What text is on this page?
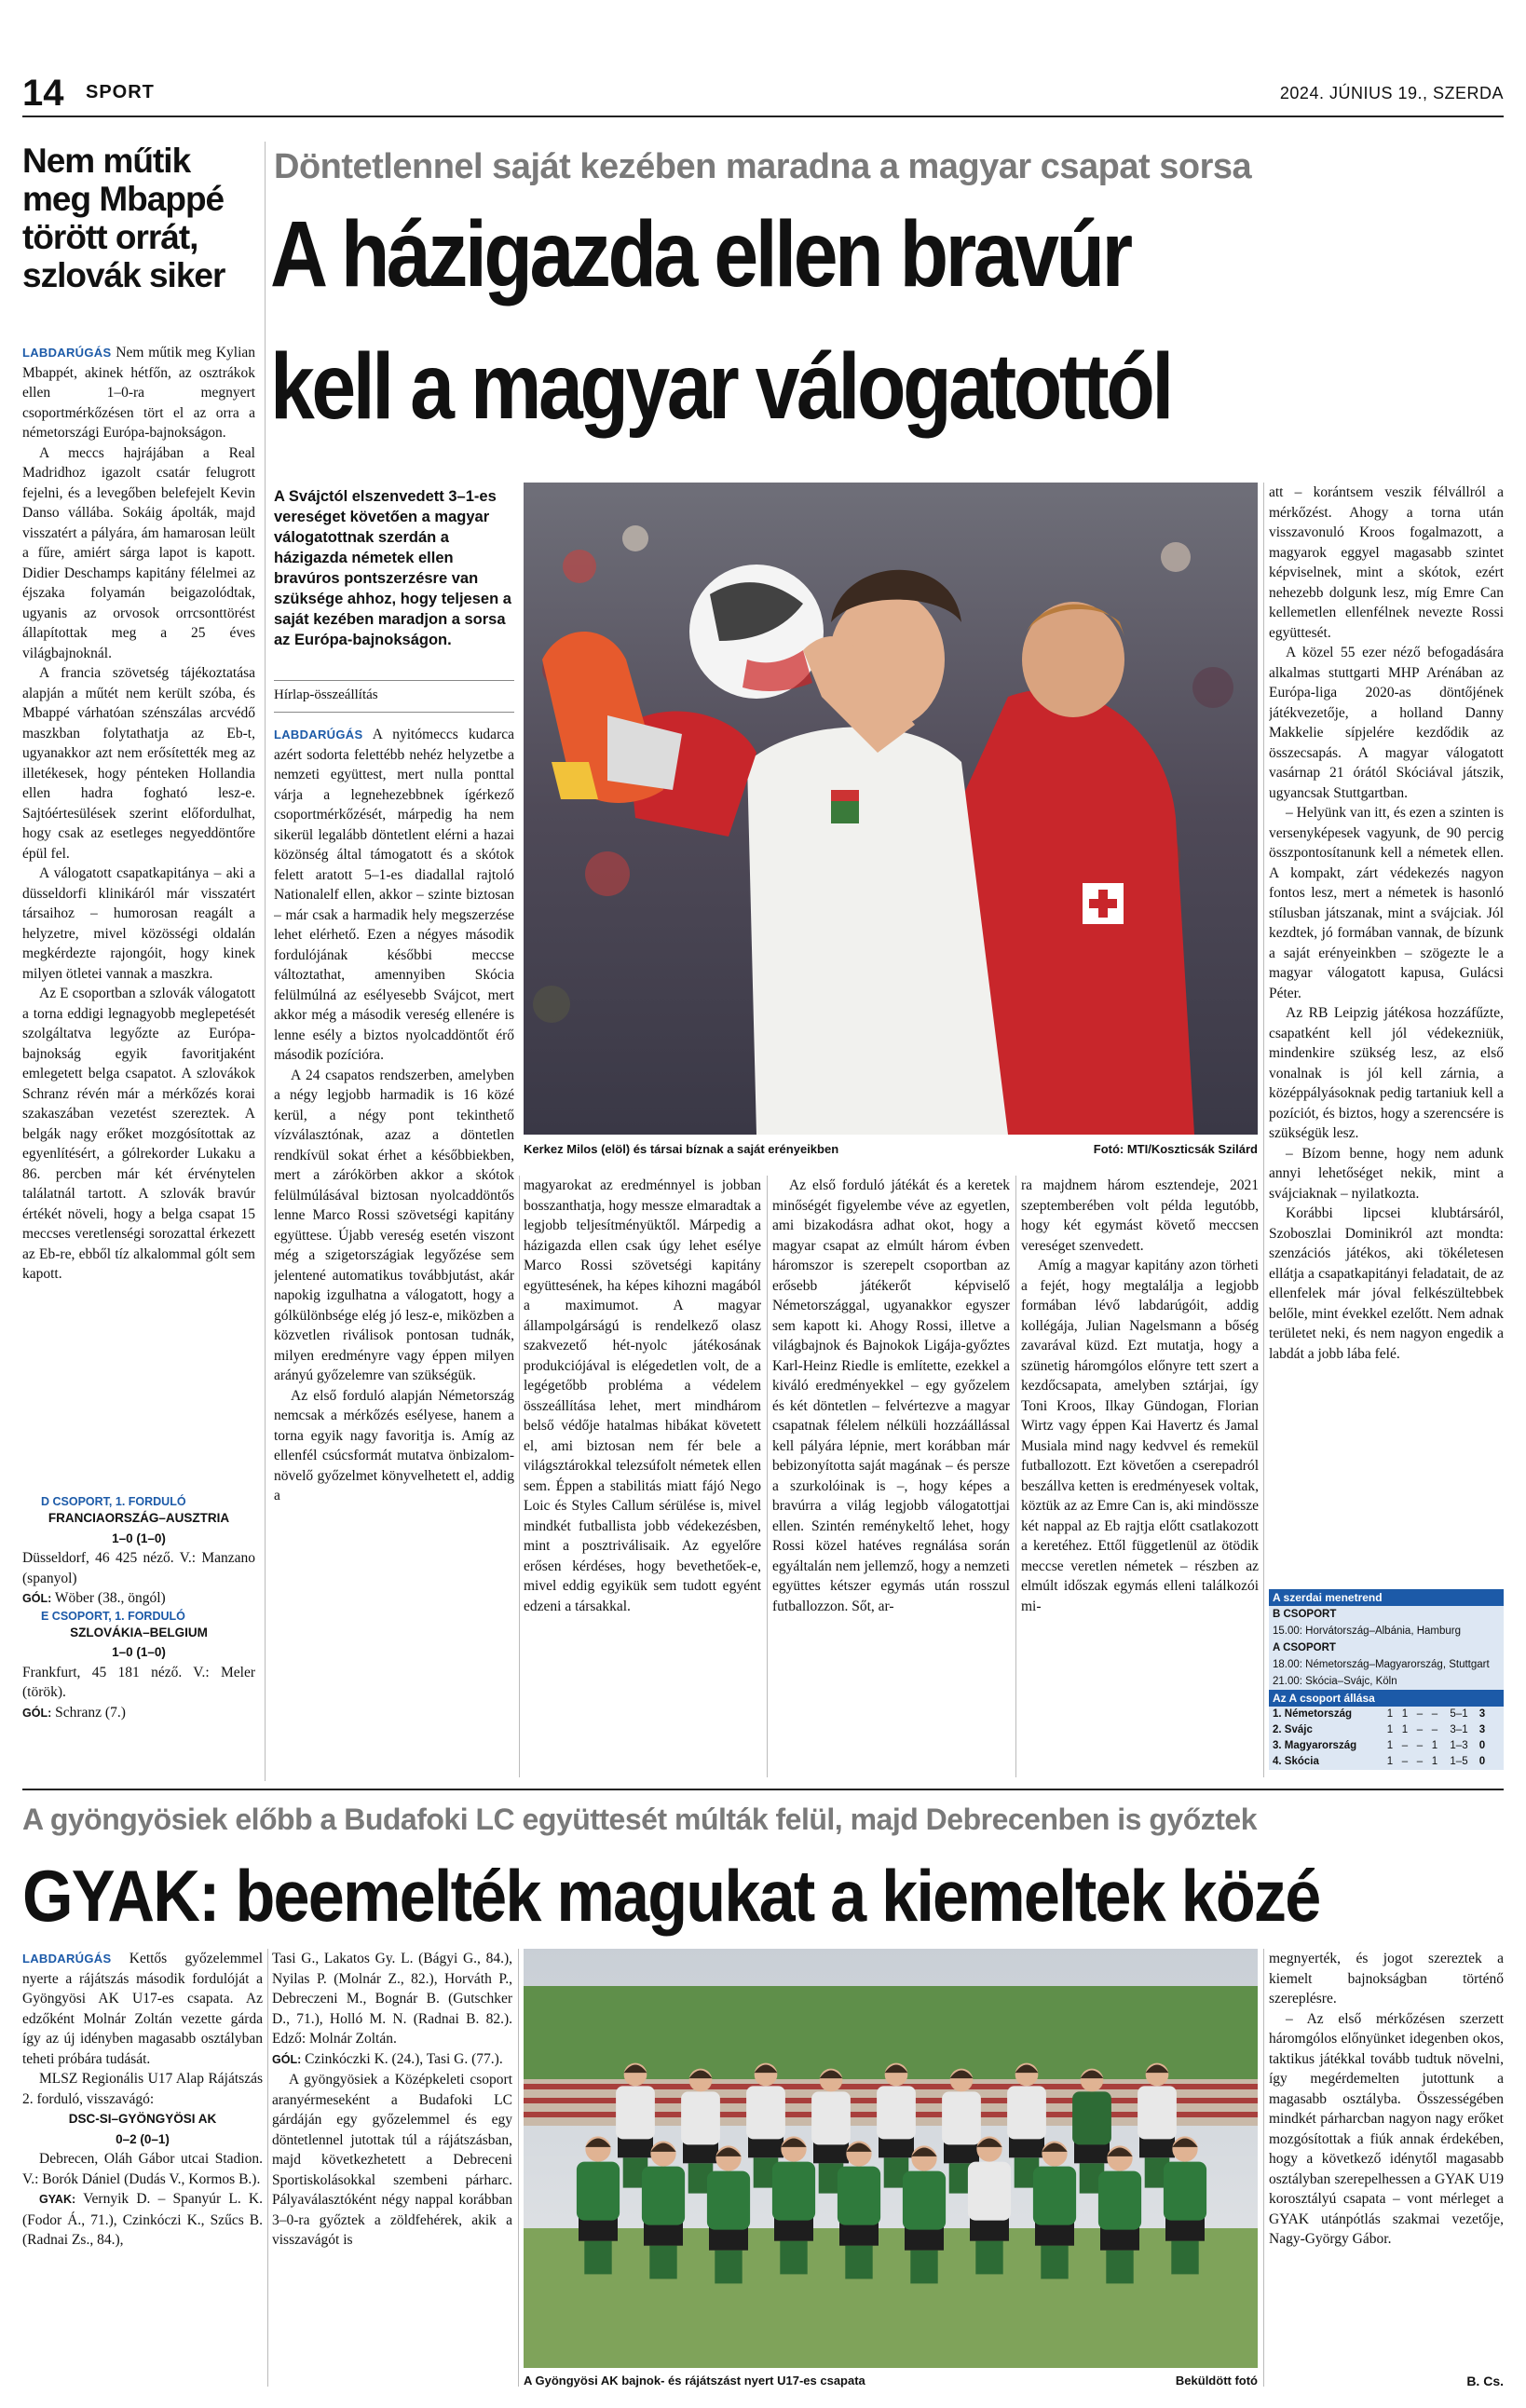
14 SPORT	2024. JÚNIUS 19., SZERDA
Nem műtik meg Mbappé törött orrát, szlovák siker

LABDARÚGÁS Nem műtik meg Kylian Mbappét, akinek hétfőn, az osztrákok ellen 1–0-ra megnyert csoportmérkőzésen tört el az orra a németországi Európa-bajnokságon.

A meccs hajrájában a Real Madridhoz igazolt csatár felugrott fejelni, és a levegőben belefejelt Kevin Danso vállába. Sokáig ápolták, majd visszatért a pályára, ám hamarosan leült a fűre, amiért sárga lapot is kapott. Didier Deschamps kapitány félelmei az éjszaka folyamán beigazolódtak, ugyanis az orvosok orrcsonttörést állapítottak meg a 25 éves világbajnoknál.

A francia szövetség tájékoztatása alapján a műtét nem került szóba, és Mbappé várhatóan szénszálas arcvédő maszkban folytathatja az Eb-t, ugyanakkor azt nem erősítették meg az illetékesek, hogy pénteken Hollandia ellen hadra fogható lesz-e. Sajtóértesülések szerint előfordulhat, hogy csak az esetleges negyeddöntőre épül fel.

A válogatott csapatkapitánya – aki a düsseldorfi klinikáról már visszatért társaihoz – humorosan reagált a helyzetre, mivel közösségi oldalán megkérdezte rajongóit, hogy kinek milyen ötletei vannak a maszkra.

Az E csoportban a szlovák válogatott a torna eddigi legnagyobb meglepetését szolgáltatva legyőzte az Európa-bajnokság egyik favoritjaként emlegetett belga csapatot. A szlovákok Schranz révén már a mérkőzés korai szakaszában vezetést szereztek. A belgák nagy erőket mozgósítottak az egyenlítésért, a gólrekorder Lukaku a 86. percben már két érvénytelen találatnál tartott. A szlovák bravúr értékét növeli, hogy a belga csapat 15 meccses veretlenségi sorozattal érkezett az Eb-re, ebből tíz alkalommal gólt sem kapott.

D CSOPORT, 1. FORDULÓ
FRANCIAORSZÁG–AUSZTRIA
1–0 (1–0)
Düsseldorf, 46 425 néző. V.: Manzano (spanyol)
GÓL: Wöber (38., öngól)
E CSOPORT, 1. FORDULÓ
SZLOVÁKIA–BELGIUM
1–0 (1–0)
Frankfurt, 45 181 néző. V.: Meler (török).
GÓL: Schranz (7.)
Döntetlennel saját kezében maradna a magyar csapat sorsa
A házigazda ellen bravúr
kell a magyar válogatottól
A Svájctól elszenvedett 3–1-es vereséget követően a magyar válogatottnak szerdán a házigazda németek ellen bravúros pontszerzésre van szüksége ahhoz, hogy teljesen a saját kezében maradjon a sorsa az Európa-bajnokságon.
Hírlap-összeállítás

LABDARÚGÁS A nyitómeccs kudarca azért sodorta felettébb nehéz helyzetbe a nemzeti együttest, mert nulla ponttal várja a legnehezebbnek ígérkező csoportmérkőzését, márpedig ha nem sikerül legalább döntetlent elérni a hazai közönség által támogatott és a skótok felett aratott 5–1-es diadallal rajtoló Nationalelf ellen, akkor – szinte biztosan – már csak a harmadik hely megszerzése lehet elérhető. Ezen a négyes második fordulójának későbbi meccse változtathat, amennyiben Skócia felülmúlná az esélyesebb Svájcot, mert akkor még a második vereség ellenére is lenne esély a biztos nyolcaddöntőt érő második pozícióra.

A 24 csapatos rendszerben, amelyben a négy legjobb harmadik is 16 közé kerül, a négy pont tekinthető vízválasztónak, azaz a döntetlen rendkívül sokat érhet a későbbiekben, mert a zárókörben akkor a skótok felülmúlásával biztosan nyolcaddöntős lenne Marco Rossi szövetségi kapitány együttese. Újabb vereség esetén viszont még a szigetországiak legyőzése sem jelentené automatikus továbbjutást, akár napokig izgulhatna a válogatott, hogy a gólkülönbsége elég jó lesz-e, miközben a közvetlen riválisok pontosan tudnák, milyen eredményre vagy éppen milyen arányú győzelemre van szükségük.

Az első forduló alapján Németország nemcsak a mérkőzés esélyese, hanem a torna egyik nagy favoritja is. Amíg az ellenfél csúcsformát mutatva önbizalom-növelő győzelmet könyvelhetett el, addig a

Kerkez Milos (elöl) és társai bíznak a saját erényeikben	Fotó: MTI/Koszticsák Szilárd

magyarokat az eredménnyel is jobban bosszanthatja, hogy messze elmaradtak a legjobb teljesítményüktől. Márpedig a házigazda ellen csak úgy lehet esélye Marco Rossi szövetségi kapitány együttesének, ha képes kihozni magából a maximumot. A magyar állampolgárságú is rendelkező olasz szakvezető hét-nyolc játékosának produkciójával is elégedetlen volt, de a legégetőbb probléma a védelem összeállítása lehet, mert mindhárom belső védője hatalmas hibákat követett el, ami biztosan nem fér bele a világsztárokkal telezsúfolt németek ellen sem. Éppen a stabilitás miatt fájó Nego Loic és Styles Callum sérülése is, mivel mindkét futballista jobb védekezésben, mint a posztriválisaik. Az egyelőre erősen kérdéses, hogy bevethetőek-e, mivel eddig egyikük sem tudott egyént edzeni a társakkal.

Az első forduló játékát és a keretek minőségét figyelembe véve az egyetlen, ami bizakodásra adhat okot, hogy a magyar csapat az elmúlt három évben háromszor is szerepelt csoportban az erősebb játékerőt képviselő Németországgal, ugyanakkor egyszer sem kapott ki. Ahogy Rossi, illetve a világbajnok és Bajnokok Ligája-győztes Karl-Heinz Riedle is említette, ezekkel a kiváló eredményekkel – egy győzelem és két döntetlen – felvértezve a magyar csapatnak félelem nélküli hozzáállással kell pályára lépnie, mert korábban már bebizonyította saját magának – és persze a szurkolóinak is –, hogy képes a bravúrra a világ legjobb válogatottjai ellen. Szintén reménykeltő lehet, hogy Rossi közel hatéves regnálása során egyáltalán nem jellemző, hogy a nemzeti együttes kétszer egymás után rosszul futballozzon. Sőt, ar-

ra majdnem három esztendeje, 2021 szeptemberében volt példa legutóbb, hogy két egymást követő meccsen vereséget szenvedett.

Amíg a magyar kapitány azon törheti a fejét, hogy megtalálja a legjobb formában lévő labdarúgóit, addig kollégája, Julian Nagelsmann a bőség zavarával küzd. Ezt mutatja, hogy a szünetig háromgólos előnyre tett szert a kezdőcsapata, amelyben sztárjai, így Toni Kroos, Ilkay Gündogan, Florian Wirtz vagy éppen Kai Havertz és Jamal Musiala mind nagy kedvvel és remekül futballozott. Ezt követően a cserepadról beszállva ketten is eredményesek voltak, köztük az az Emre Can is, aki mindössze két nappal az Eb rajtja előtt csatlakozott a keretéhez. Ettől függetlenül az ötödik meccse veretlen németek – részben az elmúlt időszak egymás elleni találkozói mi-

att – korántsem veszik félvállról a mérkőzést. Ahogy a torna után visszavonuló Kroos fogalmazott, a magyarok eggyel magasabb szintet képviselnek, mint a skótok, ezért nehezebb dolgunk lesz, míg Emre Can kellemetlen ellenfélnek nevezte Rossi együttesét.

A közel 55 ezer néző befogadására alkalmas stuttgarti MHP Arénában az Európa-liga 2020-as döntőjének játékvezetője, a holland Danny Makkelie sípjelére kezdődik az összecsapás. A magyar válogatott vasárnap 21 órától Skóciával játszik, ugyancsak Stuttgartban.

– Helyünk van itt, és ezen a szinten is versenyképesek vagyunk, de 90 percig összpontosítanunk kell a németek ellen. A kompakt, zárt védekezés nagyon fontos lesz, mert a németek is hasonló stílusban játszanak, mint a svájciak. Jól kezdtek, jó formában vannak, de bízunk a saját erényeinkben – szögezte le a magyar válogatott kapusa, Gulácsi Péter.

Az RB Leipzig játékosa hozzáfűzte, csapatként kell jól védekezniük, mindenkire szükség lesz, az első vonalnak is jól kell zárnia, a középpályásoknak pedig tartaniuk kell a pozíciót, és biztos, hogy a szerencsére is szükségük lesz.

– Bízom benne, hogy nem adunk annyi lehetőséget nekik, mint a svájciaknak – nyilatkozta.

Korábbi lipcsei klubtársáról, Szoboszlai Dominikról azt mondta: szenzációs játékos, aki tökéletesen ellátja a csapatkapitányi feladatait, de az ellenfelek már jóval felkészültebbek belőle, mint évekkel ezelőtt. Nem adnak területet neki, és nem nagyon engedik a labdát a jobb lába felé.

A szerdai menetrend
B CSOPORT
15.00: Horvátország–Albánia, Hamburg
A CSOPORT
18.00: Németország–Magyarország, Stuttgart
21.00: Skócia–Svájc, Köln
Az A csoport állása
1. Németország	1 1 – –	5–1	3
2. Svájc	1 1 – –	3–1	3
3. Magyarország	1 – – 1	1–3	0
4. Skócia	1 – – 1	1–5	0
A gyöngyösiek előbb a Budafoki LC együttesét múlták felül, majd Debrecenben is győztek
GYAK: beemelték magukat a kiemeltek közé

LABDARÚGÁS Kettős győzelemmel nyerte a rájátszás második fordulóját a Gyöngyösi AK U17-es csapata. Az edzőként Molnár Zoltán vezette gárda így az új idényben magasabb osztályban teheti próbára tudását.

MLSZ Regionális U17 Alap Rájátszás 2. forduló, visszavágó:

DSC-SI–GYÖNGYÖSI AK
0–2 (0–1)

Debrecen, Oláh Gábor utcai Stadion. V.: Borók Dániel (Dudás V., Kormos B.).

GYAK: Vernyik D. – Spanyúr L. K. (Fodor Á., 71.), Czinkóczi K., Szűcs B. (Radnai Zs., 84.),

Tasi G., Lakatos Gy. L. (Bágyi G., 84.), Nyilas P. (Molnár Z., 82.), Horváth P., Debreczeni M., Bognár B. (Gutschker D., 71.), Holló M. N. (Radnai B. 82.). Edző: Molnár Zoltán.

GÓL: Czinkóczki K. (24.), Tasi G. (77.).

A gyöngyösiek a Középkeleti csoport aranyérmeseként a Budafoki LC gárdáján egy győzelemmel és egy döntetlennel jutottak túl a rájátszásban, majd következhetett a Debreceni Sportiskolásokkal szembeni párharc. Pályaválasztóként négy nappal korábban 3–0-ra győztek a zöldfehérek, akik a visszavágót is

A Gyöngyösi AK bajnok- és rájátszást nyert U17-es csapata	Beküldött fotó

megnyerték, és jogot szereztek a kiemelt bajnokságban történő szereplésre.

– Az első mérkőzésen szerzett háromgólos előnyünket idegenben okos, taktikus játékkal tovább tudtuk növelni, így megérdemelten jutottunk a magasabb osztályba. Összességében mindkét párharcban nagyon nagy erőket mozgósítottak a fiúk annak érdekében, hogy a következő idénytől magasabb osztályban szerepelhessen a GYAK U19 korosztályú csapata – vont mérleget a GYAK utánpótlás szakmai vezetője, Nagy-György Gábor.

B. Cs.
